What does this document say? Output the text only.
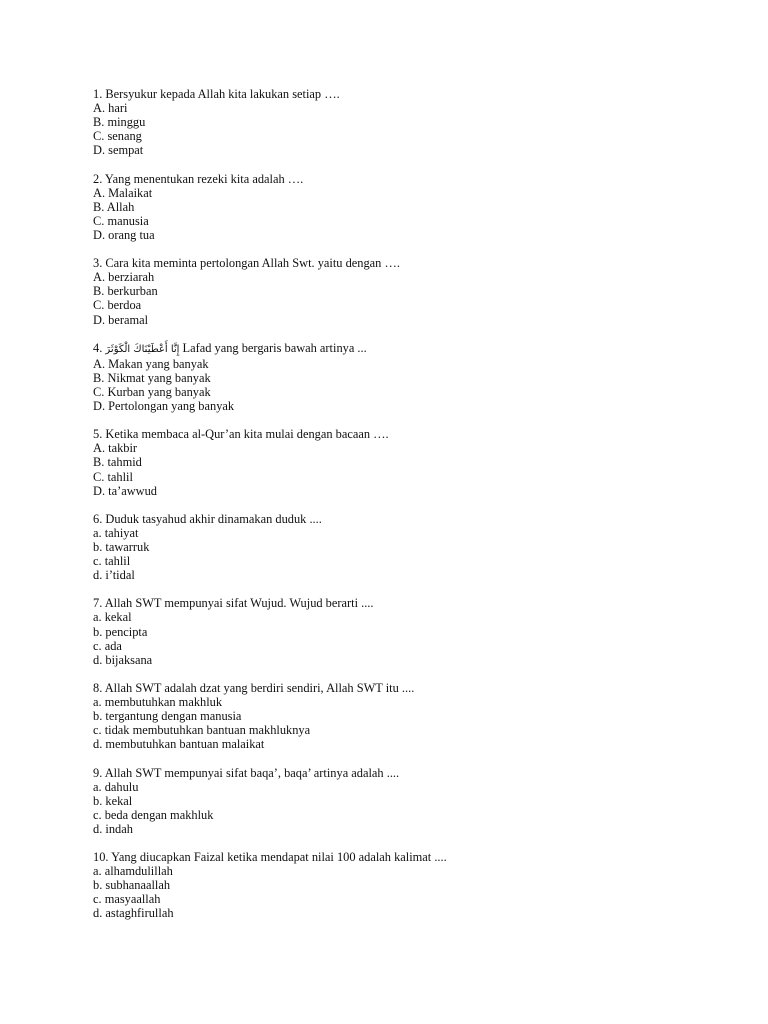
1. Bersyukur kepada Allah kita lakukan setiap ….
A. hari
B. minggu
C. senang
D. sempat
2. Yang menentukan rezeki kita adalah ….
A. Malaikat
B. Allah
C. manusia
D. orang tua
3. Cara kita meminta pertolongan Allah Swt. yaitu dengan ….
A. berziarah
B. berkurban
C. berdoa
D. beramal
4. إِنَّا أَعْطَيْنَاكَ الْكَوْثَرَ Lafad yang bergaris bawah artinya ...
A. Makan yang banyak
B. Nikmat yang banyak
C. Kurban yang banyak
D. Pertolongan yang banyak
5. Ketika membaca al-Qur’an kita mulai dengan bacaan ….
A. takbir
B. tahmid
C. tahlil
D. ta’awwud
6. Duduk tasyahud akhir dinamakan duduk ....
a. tahiyat
b. tawarruk
c. tahlil
d. i’tidal
7. Allah SWT mempunyai sifat Wujud. Wujud berarti ....
a. kekal
b. pencipta
c. ada
d. bijaksana
8. Allah SWT adalah dzat yang berdiri sendiri, Allah SWT itu ....
a. membutuhkan makhluk
b. tergantung dengan manusia
c. tidak membutuhkan bantuan makhluknya
d. membutuhkan bantuan malaikat
9. Allah SWT mempunyai sifat baqa’, baqa’ artinya adalah ....
a. dahulu
b. kekal
c. beda dengan makhluk
d. indah
10. Yang diucapkan Faizal ketika mendapat nilai 100 adalah kalimat ....
a. alhamdulillah
b. subhanaallah
c. masyaallah
d. astaghfirullah
